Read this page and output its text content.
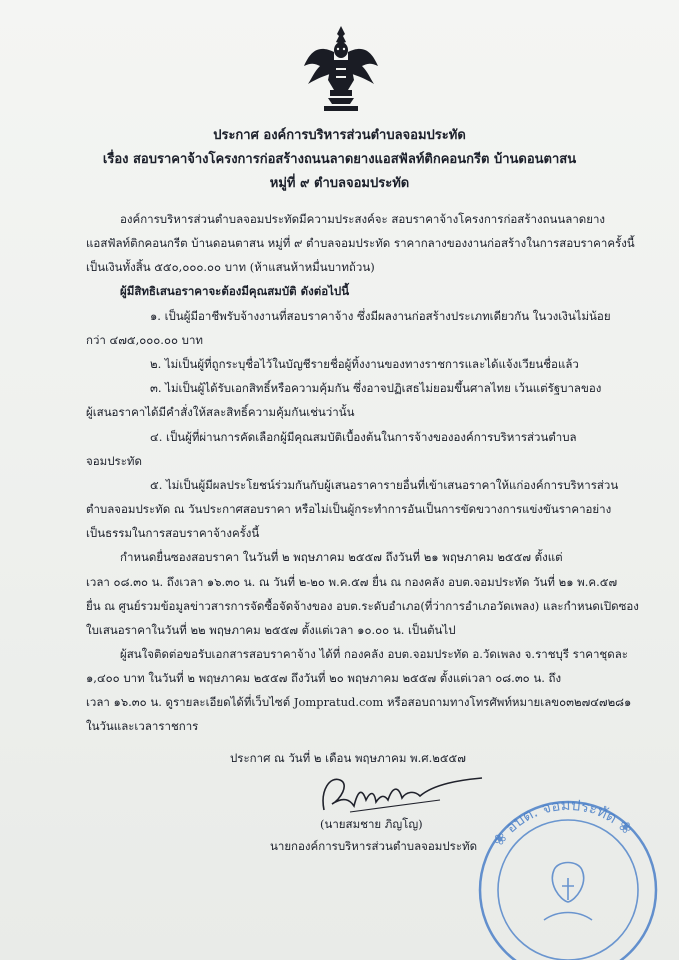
ประกาศ องค์การบริหารส่วนตำบลจอมประทัด
เรื่อง สอบราคาจ้างโครงการก่อสร้างถนนลาดยางแอสฟัลท์ติกคอนกรีต บ้านดอนตาสน
หมู่ที่ ๙ ตำบลจอมประทัด
องค์การบริหารส่วนตำบลจอมประทัดมีความประสงค์จะ สอบราคาจ้างโครงการก่อสร้างถนนลาดยาง
แอสฟัลท์ติกคอนกรีต บ้านดอนตาสน หมู่ที่ ๙ ตำบลจอมประทัด ราคากลางของงานก่อสร้างในการสอบราคาครั้งนี้
เป็นเงินทั้งสิ้น ๕๕๐,๐๐๐.๐๐ บาท (ห้าแสนห้าหมื่นบาทถ้วน)
ผู้มีสิทธิเสนอราคาจะต้องมีคุณสมบัติ ดังต่อไปนี้
๑. เป็นผู้มีอาชีพรับจ้างงานที่สอบราคาจ้าง ซึ่งมีผลงานก่อสร้างประเภทเดียวกัน ในวงเงินไม่น้อย
กว่า ๔๗๕,๐๐๐.๐๐ บาท
๒. ไม่เป็นผู้ที่ถูกระบุชื่อไว้ในบัญชีรายชื่อผู้ทิ้งงานของทางราชการและได้แจ้งเวียนชื่อแล้ว
๓. ไม่เป็นผู้ได้รับเอกสิทธิ์หรือความคุ้มกัน ซึ่งอาจปฏิเสธไม่ยอมขึ้นศาลไทย เว้นแต่รัฐบาลของ
ผู้เสนอราคาได้มีคำสั่งให้สละสิทธิ์ความคุ้มกันเช่นว่านั้น
๔. เป็นผู้ที่ผ่านการคัดเลือกผู้มีคุณสมบัติเบื้องต้นในการจ้างขององค์การบริหารส่วนตำบล
จอมประทัด
๕. ไม่เป็นผู้มีผลประโยชน์ร่วมกันกับผู้เสนอราคารายอื่นที่เข้าเสนอราคาให้แก่องค์การบริหารส่วน
ตำบลจอมประทัด ณ วันประกาศสอบราคา หรือไม่เป็นผู้กระทำการอันเป็นการขัดขวางการแข่งขันราคาอย่าง
เป็นธรรมในการสอบราคาจ้างครั้งนี้
กำหนดยื่นซองสอบราคา ในวันที่ ๒ พฤษภาคม ๒๕๕๗ ถึงวันที่ ๒๑ พฤษภาคม ๒๕๕๗ ตั้งแต่
เวลา ๐๘.๓๐ น. ถึงเวลา ๑๖.๓๐ น. ณ วันที่ ๒-๒๐ พ.ค.๕๗ ยื่น ณ กองคลัง อบต.จอมประทัด วันที่ ๒๑ พ.ค.๕๗
ยื่น ณ ศูนย์รวมข้อมูลข่าวสารการจัดซื้อจัดจ้างของ อบต.ระดับอำเภอ(ที่ว่าการอำเภอวัดเพลง) และกำหนดเปิดซอง
ใบเสนอราคาในวันที่ ๒๒ พฤษภาคม ๒๕๕๗ ตั้งแต่เวลา ๑๐.๐๐ น. เป็นต้นไป
ผู้สนใจติดต่อขอรับเอกสารสอบราคาจ้าง ได้ที่ กองคลัง อบต.จอมประทัด อ.วัดเพลง จ.ราชบุรี ราคาชุดละ
๑,๔๐๐ บาท ในวันที่ ๒ พฤษภาคม ๒๕๕๗ ถึงวันที่ ๒๐ พฤษภาคม ๒๕๕๗ ตั้งแต่เวลา ๐๘.๓๐ น. ถึง
เวลา ๑๖.๓๐ น. ดูรายละเอียดได้ที่เว็บไซต์ Jompratud.com หรือสอบถามทางโทรศัพท์หมายเลข๐๓๒๗๔๗๒๘๑
ในวันและเวลาราชการ
ประกาศ ณ วันที่ ๒ เดือน พฤษภาคม พ.ศ.๒๕๕๗
(นายสมชาย ภิญโญ)
นายกองค์การบริหารส่วนตำบลจอมประทัด ❀ อบต. จอมประทัด ❀
